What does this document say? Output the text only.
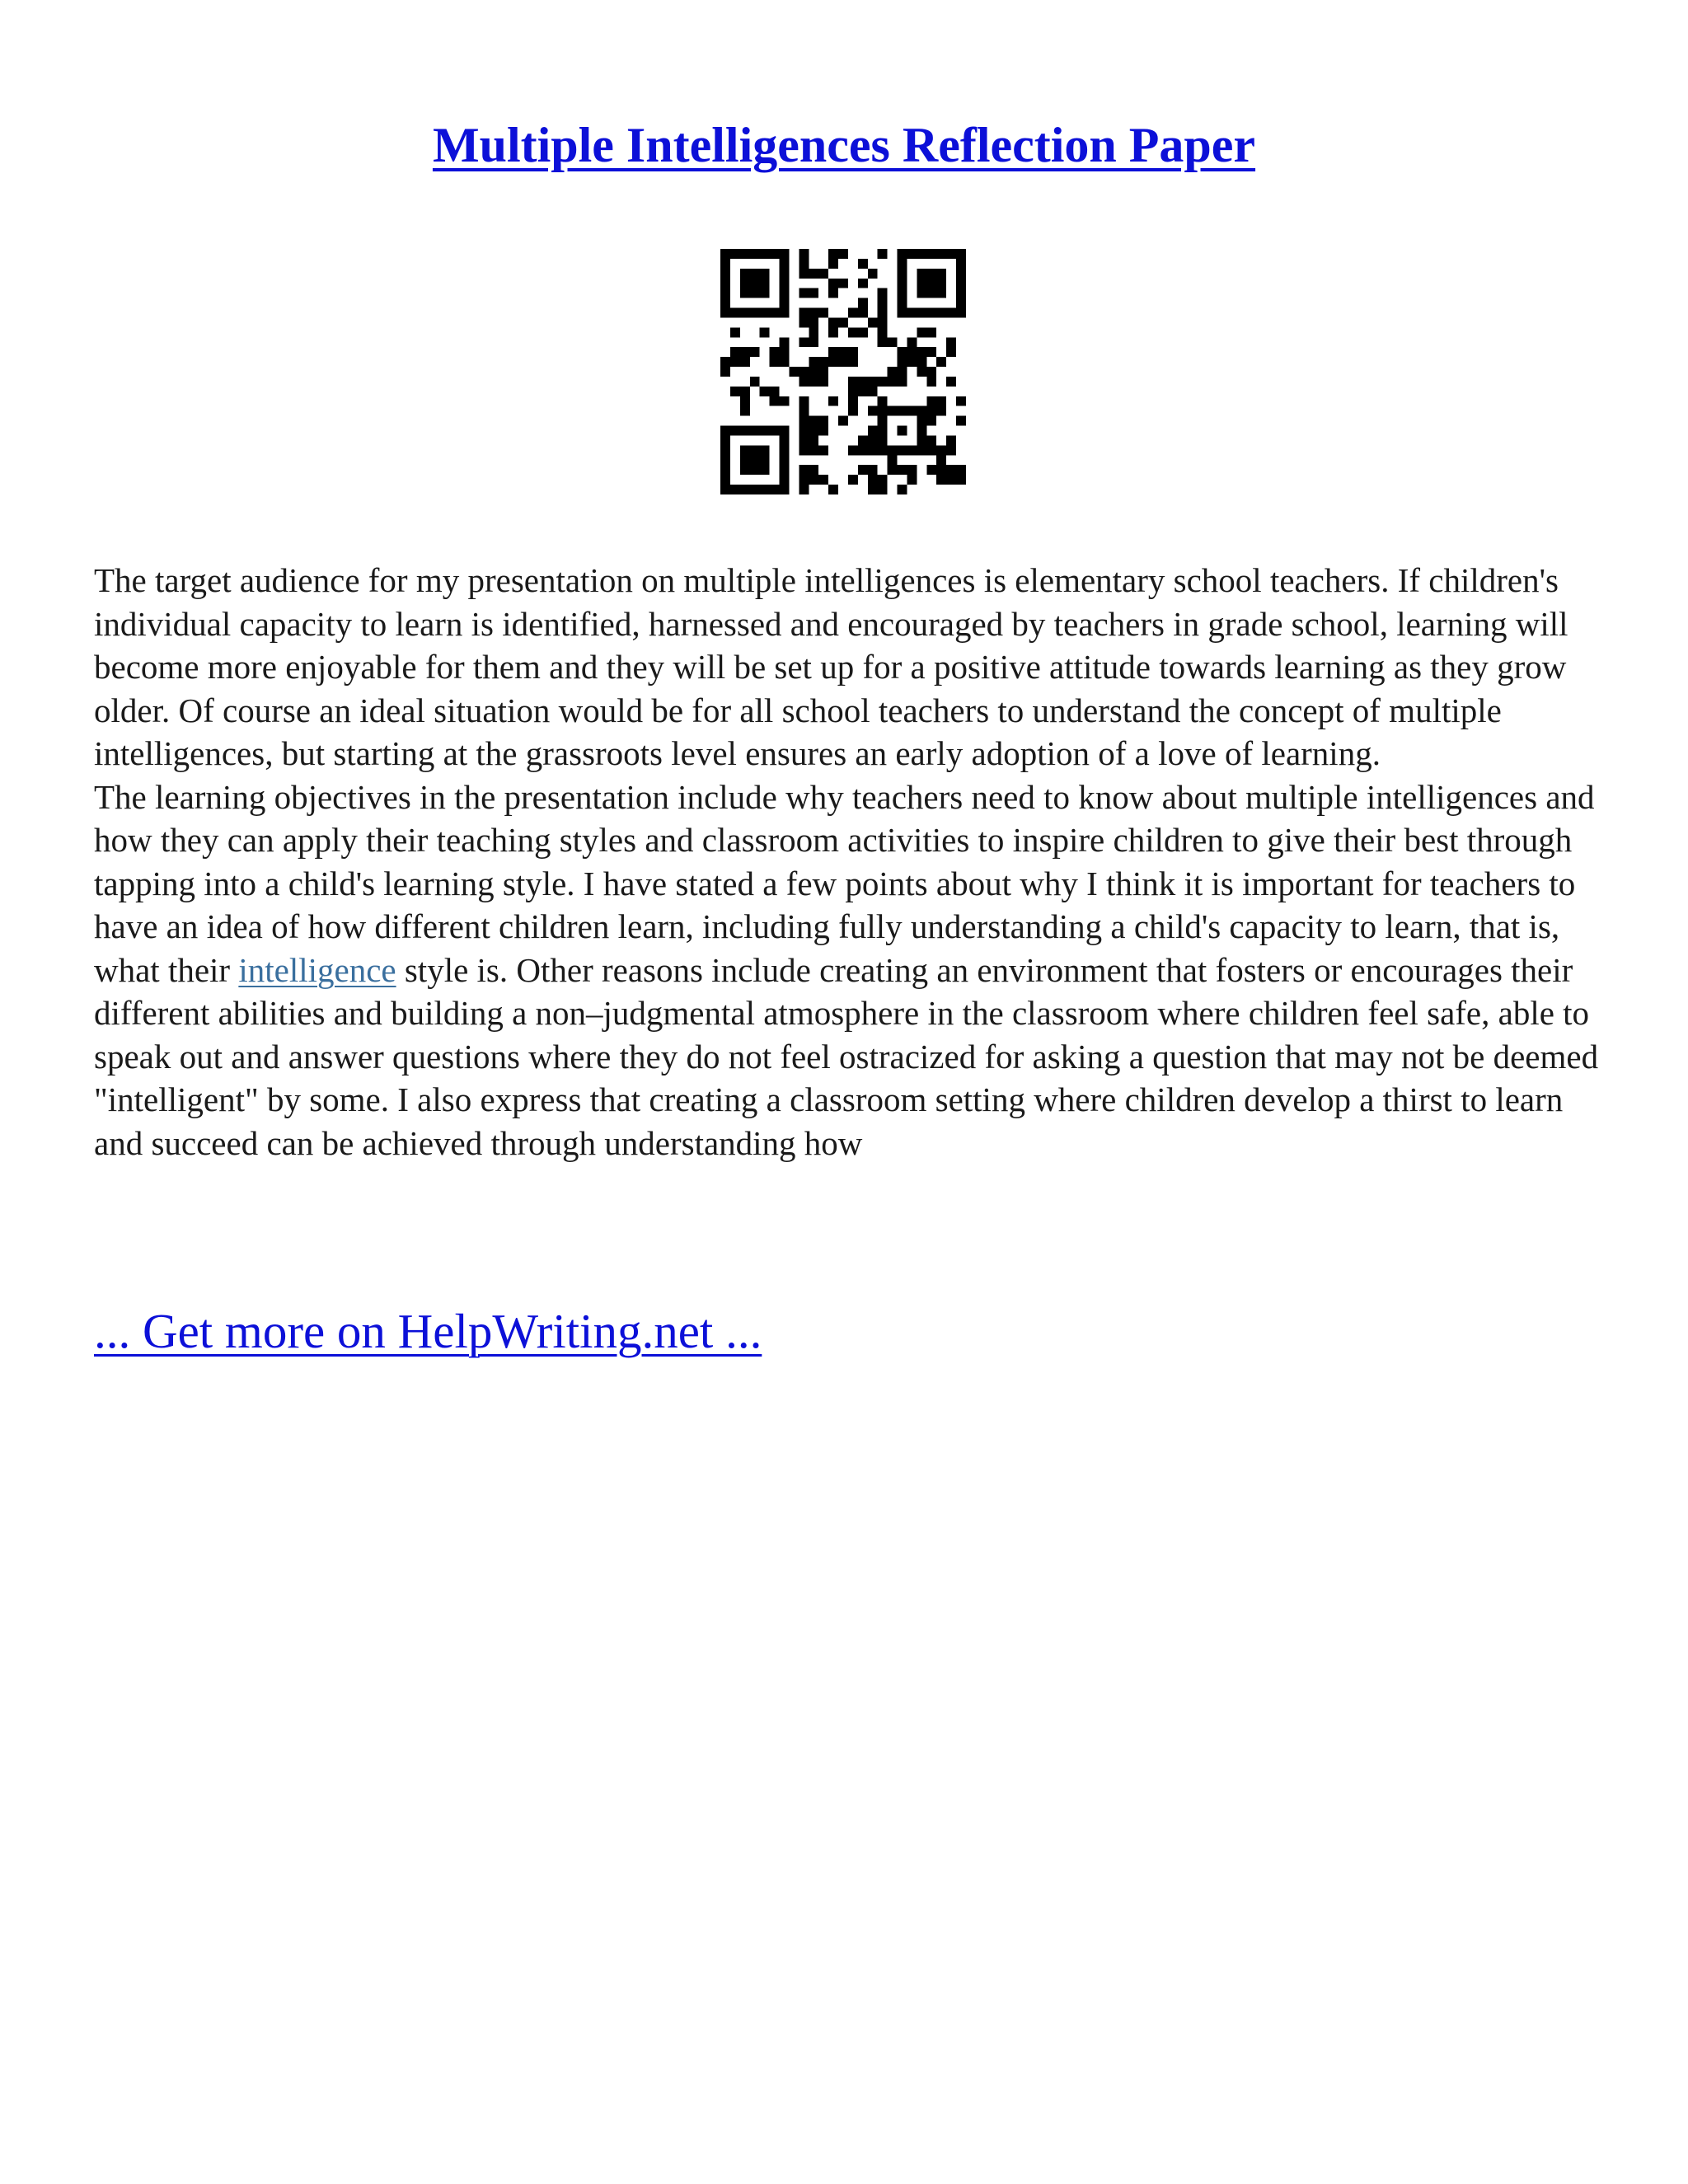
Multiple Intelligences Reflection Paper

The target audience for my presentation on multiple intelligences is elementary school teachers. If children's individual capacity to learn is identified, harnessed and encouraged by teachers in grade school, learning will become more enjoyable for them and they will be set up for a positive attitude towards learning as they grow older. Of course an ideal situation would be for all school teachers to understand the concept of multiple intelligences, but starting at the grassroots level ensures an early adoption of a love of learning.

The learning objectives in the presentation include why teachers need to know about multiple intelligences and how they can apply their teaching styles and classroom activities to inspire children to give their best through tapping into a child's learning style. I have stated a few points about why I think it is important for teachers to have an idea of how different children learn, including fully understanding a child's capacity to learn, that is, what their intelligence style is. Other reasons include creating an environment that fosters or encourages their different abilities and building a non–judgmental atmosphere in the classroom where children feel safe, able to speak out and answer questions where they do not feel ostracized for asking a question that may not be deemed "intelligent" by some. I also express that creating a classroom setting where children develop a thirst to learn and succeed can be achieved through understanding how

... Get more on HelpWriting.net ...
